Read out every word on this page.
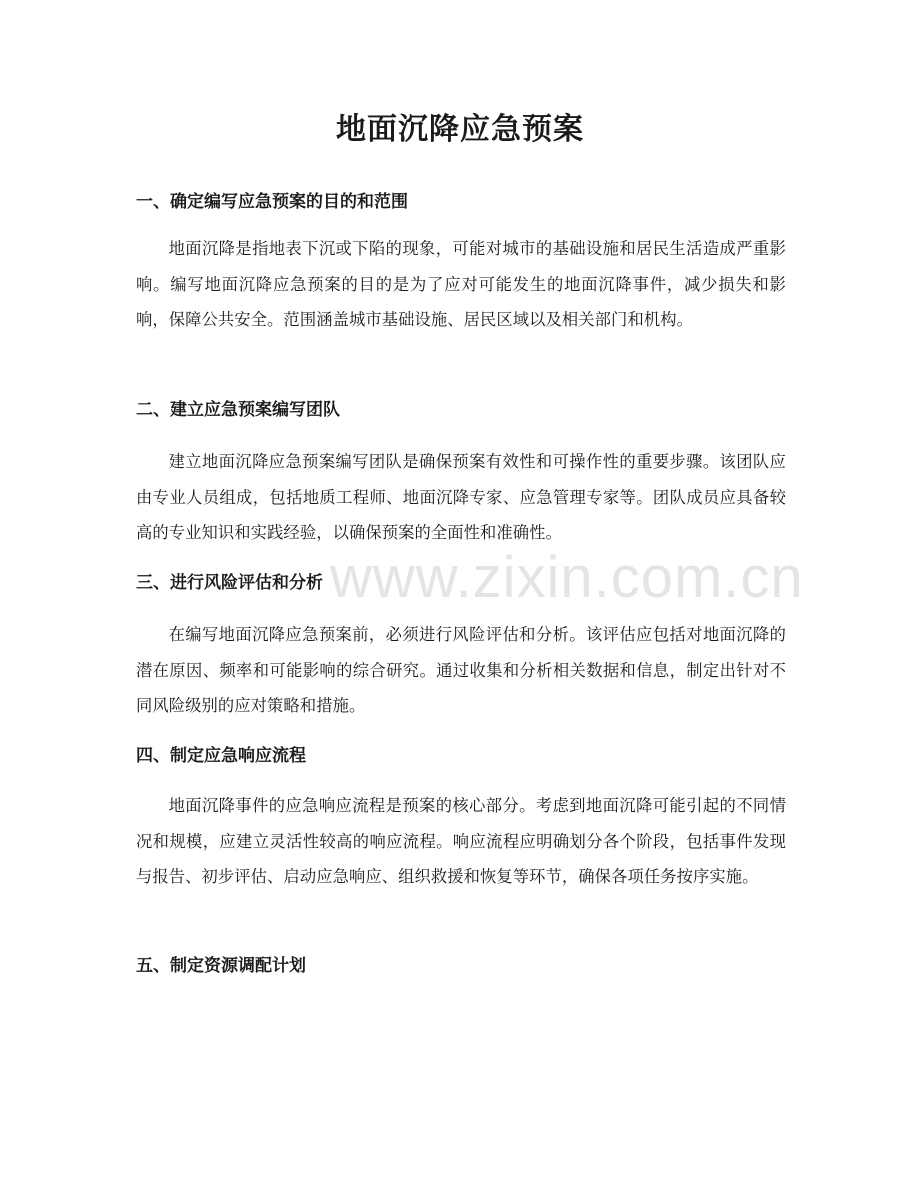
www.zixin.com.cn
地面沉降应急预案
一、确定编写应急预案的目的和范围

地面沉降是指地表下沉或下陷的现象，可能对城市的基础设施和居民生活造成严重影响。编写地面沉降应急预案的目的是为了应对可能发生的地面沉降事件，减少损失和影响，保障公共安全。范围涵盖城市基础设施、居民区域以及相关部门和机构。

二、建立应急预案编写团队

建立地面沉降应急预案编写团队是确保预案有效性和可操作性的重要步骤。该团队应由专业人员组成，包括地质工程师、地面沉降专家、应急管理专家等。团队成员应具备较高的专业知识和实践经验，以确保预案的全面性和准确性。

三、进行风险评估和分析

在编写地面沉降应急预案前，必须进行风险评估和分析。该评估应包括对地面沉降的潜在原因、频率和可能影响的综合研究。通过收集和分析相关数据和信息，制定出针对不同风险级别的应对策略和措施。

四、制定应急响应流程

地面沉降事件的应急响应流程是预案的核心部分。考虑到地面沉降可能引起的不同情况和规模，应建立灵活性较高的响应流程。响应流程应明确划分各个阶段，包括事件发现与报告、初步评估、启动应急响应、组织救援和恢复等环节，确保各项任务按序实施。

五、制定资源调配计划
